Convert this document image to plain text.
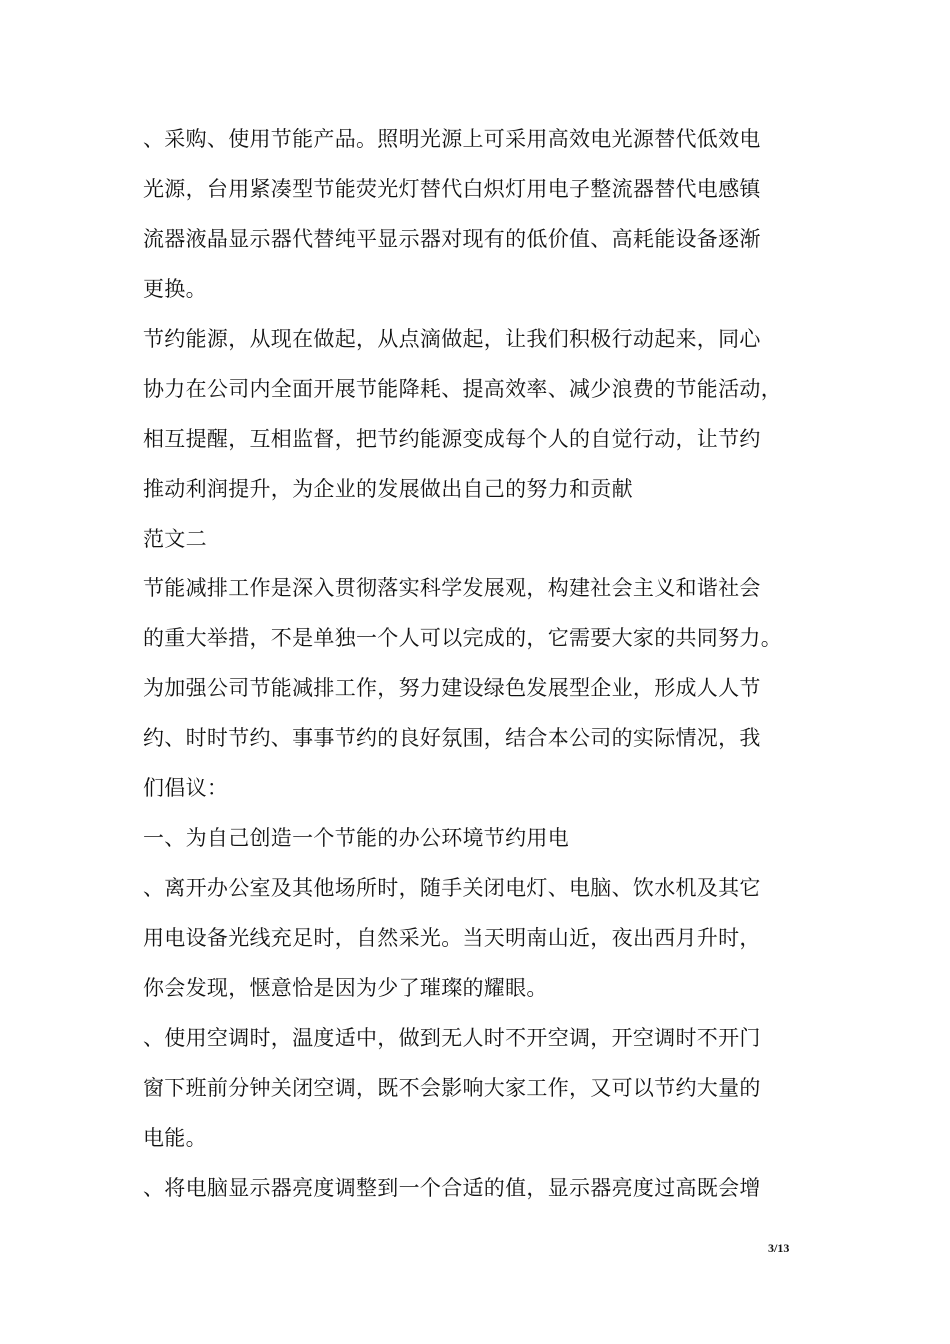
、采购、使用节能产品。照明光源上可采用高效电光源替代低效电
光源，台用紧凑型节能荧光灯替代白炽灯用电子整流器替代电感镇
流器液晶显示器代替纯平显示器对现有的低价值、高耗能设备逐渐
更换。
节约能源，从现在做起，从点滴做起，让我们积极行动起来，同心
协力在公司内全面开展节能降耗、提高效率、减少浪费的节能活动，
相互提醒，互相监督，把节约能源变成每个人的自觉行动，让节约
推动利润提升，为企业的发展做出自己的努力和贡献
范文二
节能减排工作是深入贯彻落实科学发展观，构建社会主义和谐社会
的重大举措，不是单独一个人可以完成的，它需要大家的共同努力。
为加强公司节能减排工作，努力建设绿色发展型企业，形成人人节
约、时时节约、事事节约的良好氛围，结合本公司的实际情况，我
们倡议：
一、为自己创造一个节能的办公环境节约用电
、离开办公室及其他场所时，随手关闭电灯、电脑、饮水机及其它
用电设备光线充足时，自然采光。当天明南山近，夜出西月升时，
你会发现，惬意恰是因为少了璀璨的耀眼。
、使用空调时，温度适中，做到无人时不开空调，开空调时不开门
窗下班前分钟关闭空调，既不会影响大家工作，又可以节约大量的
电能。
、将电脑显示器亮度调整到一个合适的值，显示器亮度过高既会增
3/13
